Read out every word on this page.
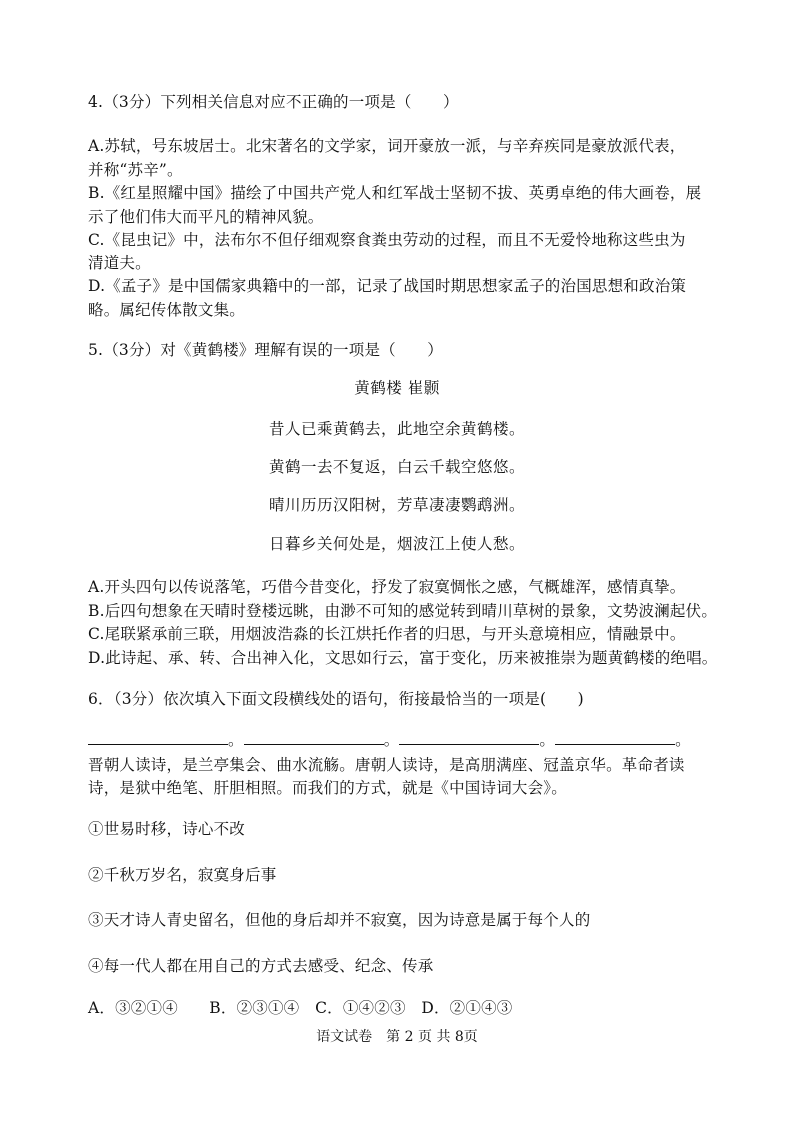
4.（3分）下列相关信息对应不正确的一项是（　　）
A.苏轼，号东坡居士。北宋著名的文学家，词开豪放一派，与辛弃疾同是豪放派代表，
并称“苏辛”。
B.《红星照耀中国》描绘了中国共产党人和红军战士坚韧不拔、英勇卓绝的伟大画卷，展
示了他们伟大而平凡的精神风貌。
C.《昆虫记》中，法布尔不但仔细观察食粪虫劳动的过程，而且不无爱怜地称这些虫为
清道夫。
D.《孟子》是中国儒家典籍中的一部，记录了战国时期思想家孟子的治国思想和政治策
略。属纪传体散文集。
5.（3分）对《黄鹤楼》理解有误的一项是（　　）
黄鹤楼 崔颢
昔人已乘黄鹤去，此地空余黄鹤楼。
黄鹤一去不复返，白云千载空悠悠。
晴川历历汉阳树，芳草凄凄鹦鹉洲。
日暮乡关何处是，烟波江上使人愁。
A.开头四句以传说落笔，巧借今昔变化，抒发了寂寞惆怅之感，气概雄浑，感情真挚。
B.后四句想象在天晴时登楼远眺，由渺不可知的感觉转到晴川草树的景象，文势波澜起伏。
C.尾联紧承前三联，用烟波浩淼的长江烘托作者的归思，与开头意境相应，情融景中。
D.此诗起、承、转、合出神入化，文思如行云，富于变化，历来被推崇为题黄鹤楼的绝唱。
6．（3分）依次填入下面文段横线处的语句，衔接最恰当的一项是(　　)
。	。	。	。
晋朝人读诗，是兰亭集会、曲水流觞。唐朝人读诗，是高朋满座、冠盖京华。革命者读
诗，是狱中绝笔、肝胆相照。而我们的方式，就是《中国诗词大会》。
①世易时移，诗心不改
②千秋万岁名，寂寞身后事
③天才诗人青史留名，但他的身后却并不寂寞，因为诗意是属于每个人的
④每一代人都在用自己的方式去感受、纪念、传承
A．③②①④　　B．②③①④　C．①④②③　D．②①④③
语文试卷　第 2 页 共 8页
